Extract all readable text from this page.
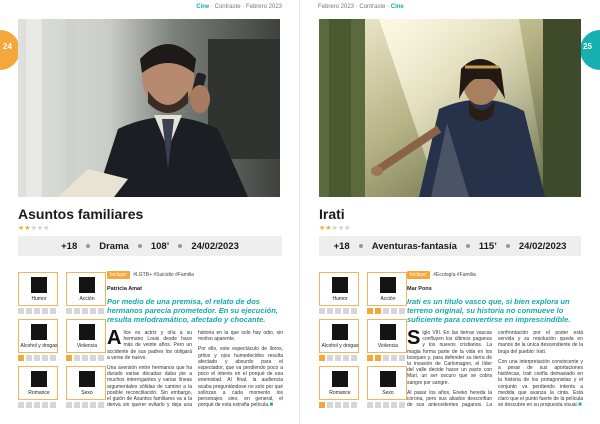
Cine · Contraste · Febrero 2023
24
Asuntos familiares
★★★★★
+18 Drama 108’ 24/02/2023
Humor	Acción
Alcohol y drogas	Violencia
Romance	Sexo
Incluye: #LGTB+ #Suicidio #Familia
Patricia Amat
Por medio de una premisa, el relato de dos hermanos parecía prometedor. En su ejecución, resulta melodramático, afectado y chocante.

Alice es actriz y olía a su hermano Louis desde hace más de veinte años. Pero un accidente de sus padres los obligará a verse de nuevo.

Una aversión entre hermanos que ha durado varias décadas daba pie a muchos interrogantes y varias líneas argumentales sólidas de camino a la posible reconciliación. Sin embargo, el guión de Asuntos familiares va a la deriva sin querer evitarlo y deja una historia en la que solo hay odio, sin motivo aparente.

Por ello, este espectáculo de lloros, gritos y ojos humedecidos resulta afectado y absurdo para el espectador, que va perdiendo poco a poco el interés en el porqué de esa enemistad. Al final, la audiencia acaba preguntándose no solo por qué sollozan a cada momento los personajes sino, en general, el porqué de esta extraña película.■

Febrero 2023 · Contraste · Cine
25
Irati
★★★★★
+18 Aventuras-fantasía 115’ 24/02/2023
Humor	Acción
Alcohol y drogas	Violencia
Romance	Sexo
Incluye: #Ecología #Familia
Mar Pons
Irati es un título vasco que, si bien explora un terreno original, su historia no conmueve lo suficiente para convertirse en imprescindible.

Siglo VIII. En las tierras vascas confluyen los últimos paganos y los nuevos cristianos. La magia forma parte de la vida en los bosques y, para defender su tierra de la invasión de Carlomagno, el líder del valle decide hacer un pacto con Mari, un ser oscuro que se cobra sangre por sangre.

Al pasar los años, Eneko hereda la corona, pero sus aliados desconfían de sus antecedentes paganos. La confrontación por el poder está servida y su resolución queda en manos de la única descendiente de la bruja del pueblo: Irati.

Con una interpretación convincente y a pesar de sus aportaciones históricas, Irati confía demasiado en la historia de los protagonistas y el conjunto va perdiendo interés a medida que avanza la cinta. Está claro que el punto fuerte de la película se descubre en su propuesta visual.■
